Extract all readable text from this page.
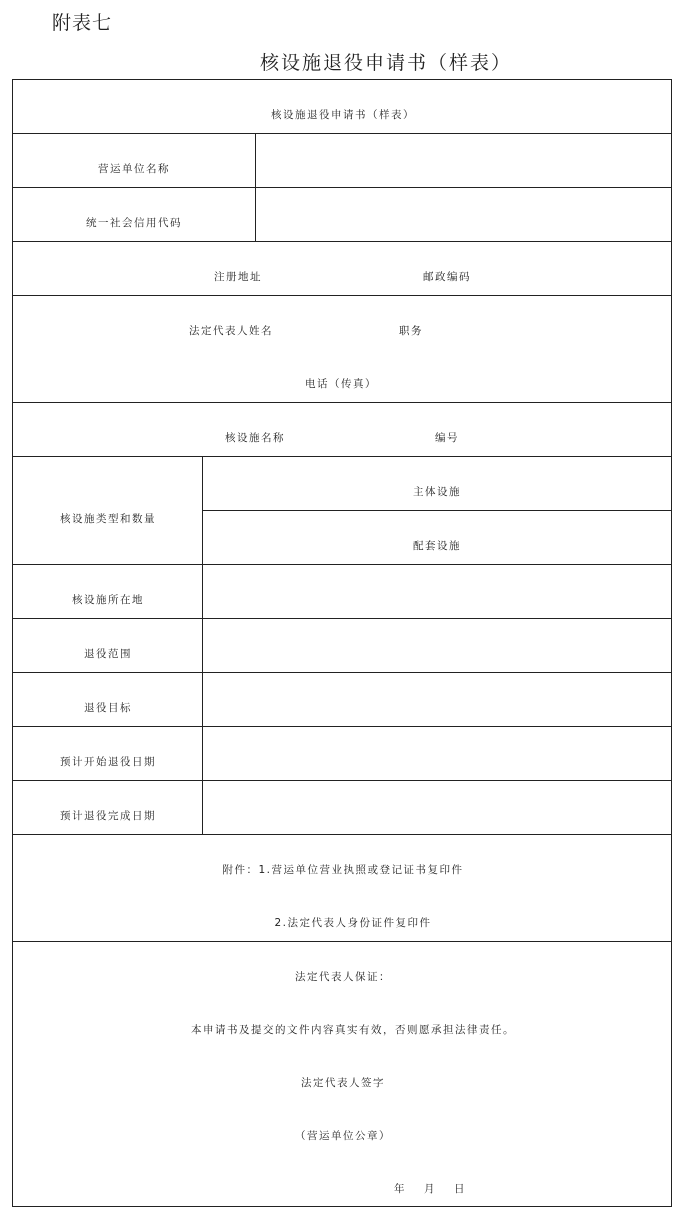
附表七
核设施退役申请书（样表）
核设施退役申请书（样表）
营运单位名称
统一社会信用代码
注册地址	邮政编码
法定代表人姓名	职务
电话（传真）
核设施名称	编号
核设施类型和数量
主体设施
配套设施
核设施所在地
退役范围
退役目标
预计开始退役日期
预计退役完成日期
附件：1.营运单位营业执照或登记证书复印件
2.法定代表人身份证件复印件
法定代表人保证：
本申请书及提交的文件内容真实有效，否则愿承担法律责任。
法定代表人签字
（营运单位公章）
年 月 日
